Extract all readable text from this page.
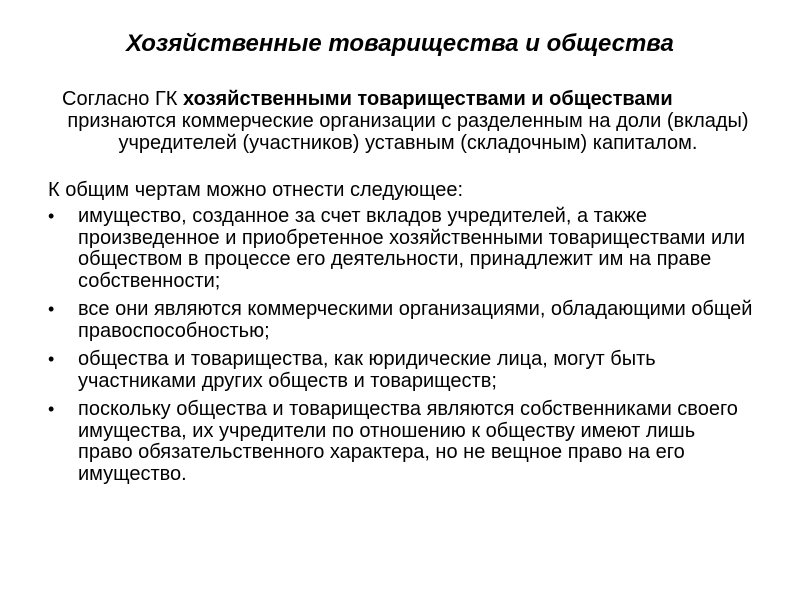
Хозяйственные товарищества и общества

Согласно ГК хозяйственными товариществами и обществами
признаются коммерческие организации с разделенным на доли (вклады) учредителей (участников) уставным (складочным) капиталом.

К общим чертам можно отнести следующее:

•	имущество, созданное за счет вкладов учредителей, а также произведенное и приобретенное хозяйственными товариществами или обществом в процессе его деятельности, принадлежит им на праве собственности;
•	все они являются коммерческими организациями, обладающими общей правоспособностью;
•	общества и товарищества, как юридические лица, могут быть участниками других обществ и товариществ;
•	поскольку общества и товарищества являются собственниками своего имущества, их учредители по отношению к обществу имеют лишь право обязательственного характера, но не вещное право на его имущество.
